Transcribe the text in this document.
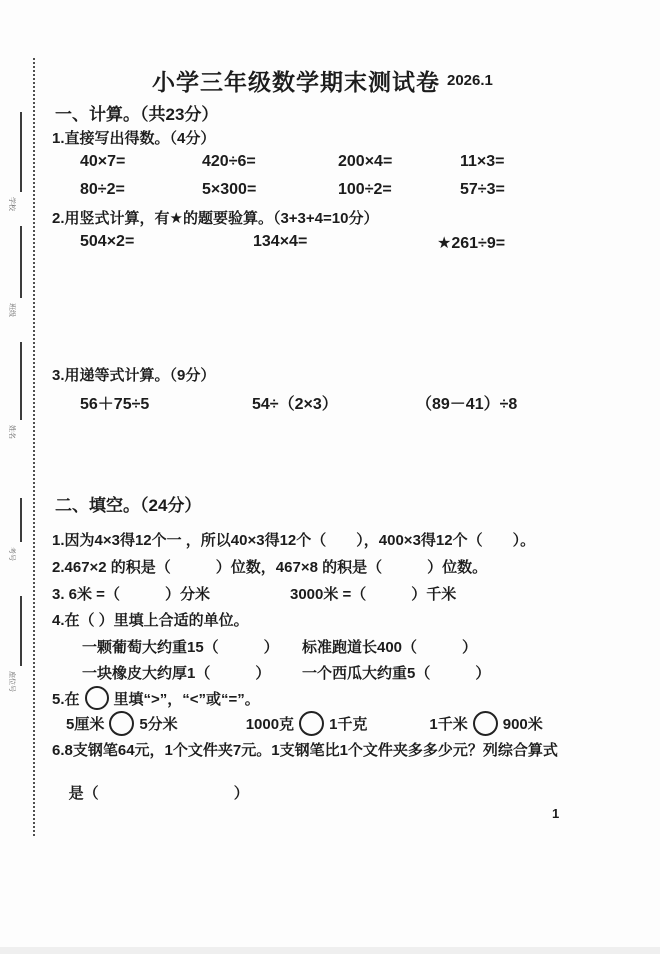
学校
班级
姓名
考号
座位号
小学三年级数学期末测试卷 2026.1
一、计算。（共23分）
1.直接写出得数。（4分）
40×7=	420÷6=	200×4=	11×3=
80÷2=	5×300=	100÷2=	57÷3=
2.用竖式计算，有★的题要验算。（3+3+4=10分）
504×2=	134×4=	★261÷9=
3.用递等式计算。（9分）
56＋75÷5	54÷（2×3）	（89－41）÷8
二、填空。（24分）
1.因为4×3得12个一 ，所以40×3得12个（　　），400×3得12个（　　）。
2.467×2 的积是（　　　）位数，467×8 的积是（　　　）位数。
3. 6米 =（　　　）分米	3000米 =（　　　）千米
4.在（ ）里填上合适的单位。
一颗葡萄大约重15（　　　） 标准跑道长400（　　　）
一块橡皮大约厚1（　　　） 一个西瓜大约重5（　　　）
5.在 里填“>”，“<”或“=”。
5厘米 5分米	1000克 1千克	1千米 900米
6.8支钢笔64元，1个文件夹7元。1支钢笔比1个文件夹多多少元？列综合算式

是（　　　　　　　　　	）

1
